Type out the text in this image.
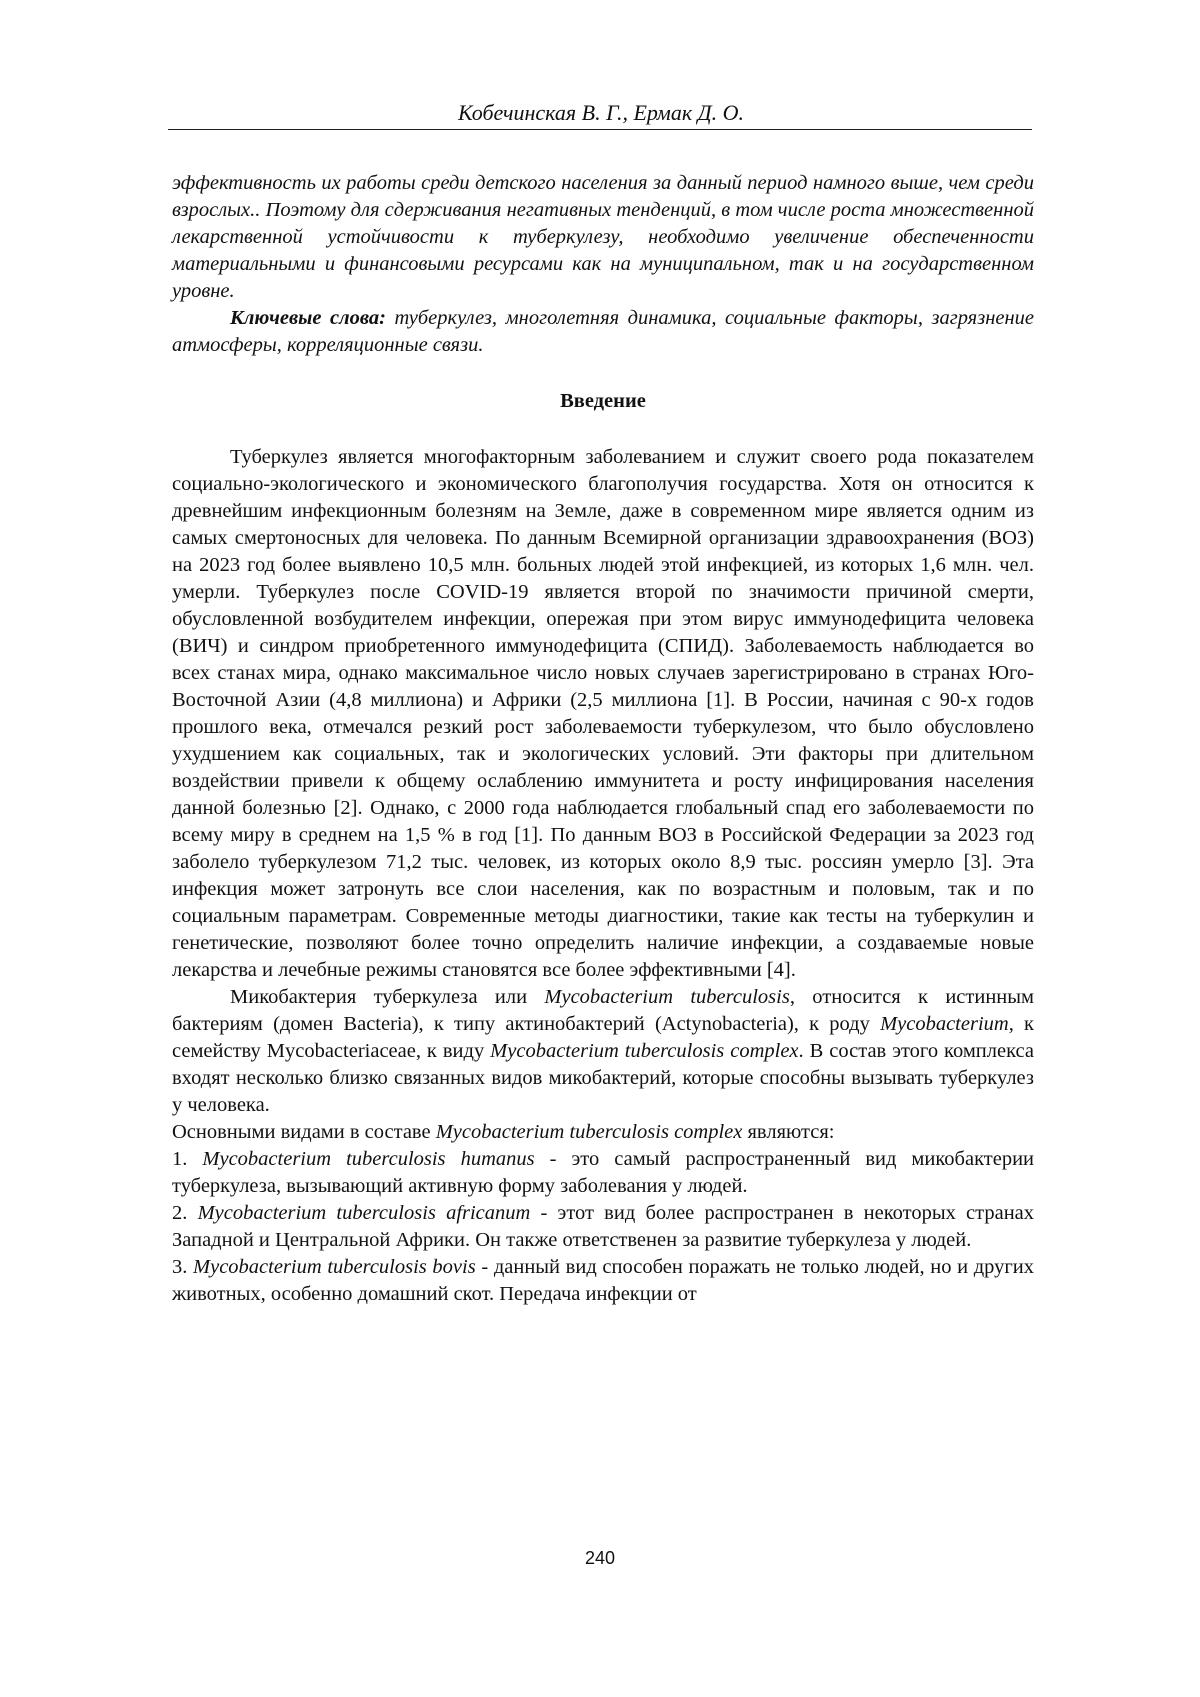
Кобечинская В. Г., Ермак Д. О.

эффективность их работы среди детского населения за данный период намного выше, чем среди взрослых.. Поэтому для сдерживания негативных тенденций, в том числе роста множественной лекарственной устойчивости к туберкулезу, необходимо увеличение обеспеченности материальными и финансовыми ресурсами как на муниципальном, так и на государственном уровне.

Ключевые слова: туберкулез, многолетняя динамика, социальные факторы, загрязнение атмосферы, корреляционные связи.

Введение

Туберкулез является многофакторным заболеванием и служит своего рода показателем социально-экологического и экономического благополучия государства. Хотя он относится к древнейшим инфекционным болезням на Земле, даже в современном мире является одним из самых смертоносных для человека. По данным Всемирной организации здравоохранения (ВОЗ) на 2023 год более выявлено 10,5 млн. больных людей этой инфекцией, из которых 1,6 млн. чел. умерли. Туберкулез после COVID-19 является второй по значимости причиной смерти, обусловленной возбудителем инфекции, опережая при этом вирус иммунодефицита человека (ВИЧ) и синдром приобретенного иммунодефицита (СПИД). Заболеваемость наблюдается во всех станах мира, однако максимальное число новых случаев зарегистрировано в странах Юго-Восточной Азии (4,8 миллиона) и Африки (2,5 миллиона [1]. В России, начиная с 90-х годов прошлого века, отмечался резкий рост заболеваемости туберкулезом, что было обусловлено ухудшением как социальных, так и экологических условий. Эти факторы при длительном воздействии привели к общему ослаблению иммунитета и росту инфицирования населения данной болезнью [2]. Однако, с 2000 года наблюдается глобальный спад его заболеваемости по всему миру в среднем на 1,5 % в год [1]. По данным ВОЗ в Российской Федерации за 2023 год заболело туберкулезом 71,2 тыс. человек, из которых около 8,9 тыс. россиян умерло [3]. Эта инфекция может затронуть все слои населения, как по возрастным и половым, так и по социальным параметрам. Современные методы диагностики, такие как тесты на туберкулин и генетические, позволяют более точно определить наличие инфекции, а создаваемые новые лекарства и лечебные режимы становятся все более эффективными [4].

Микобактерия туберкулеза или Mycobacterium tuberculosis, относится к истинным бактериям (домен Bacteria), к типу актинобактерий (Actynobacteria), к роду Mycobacterium, к семейству Mycobacteriaceae, к виду Mycobacterium tuberculosis complex. В состав этого комплекса входят несколько близко связанных видов микобактерий, которые способны вызывать туберкулез у человека.

Основными видами в составе Mycobacterium tuberculosis complex являются:

1. Mycobacterium tuberculosis humanus - это самый распространенный вид микобактерии туберкулеза, вызывающий активную форму заболевания у людей.

2. Mycobacterium tuberculosis africanum - этот вид более распространен в некоторых странах Западной и Центральной Африки. Он также ответственен за развитие туберкулеза у людей.

3. Mycobacterium tuberculosis bovis - данный вид способен поражать не только людей, но и других животных, особенно домашний скот. Передача инфекции от

240
